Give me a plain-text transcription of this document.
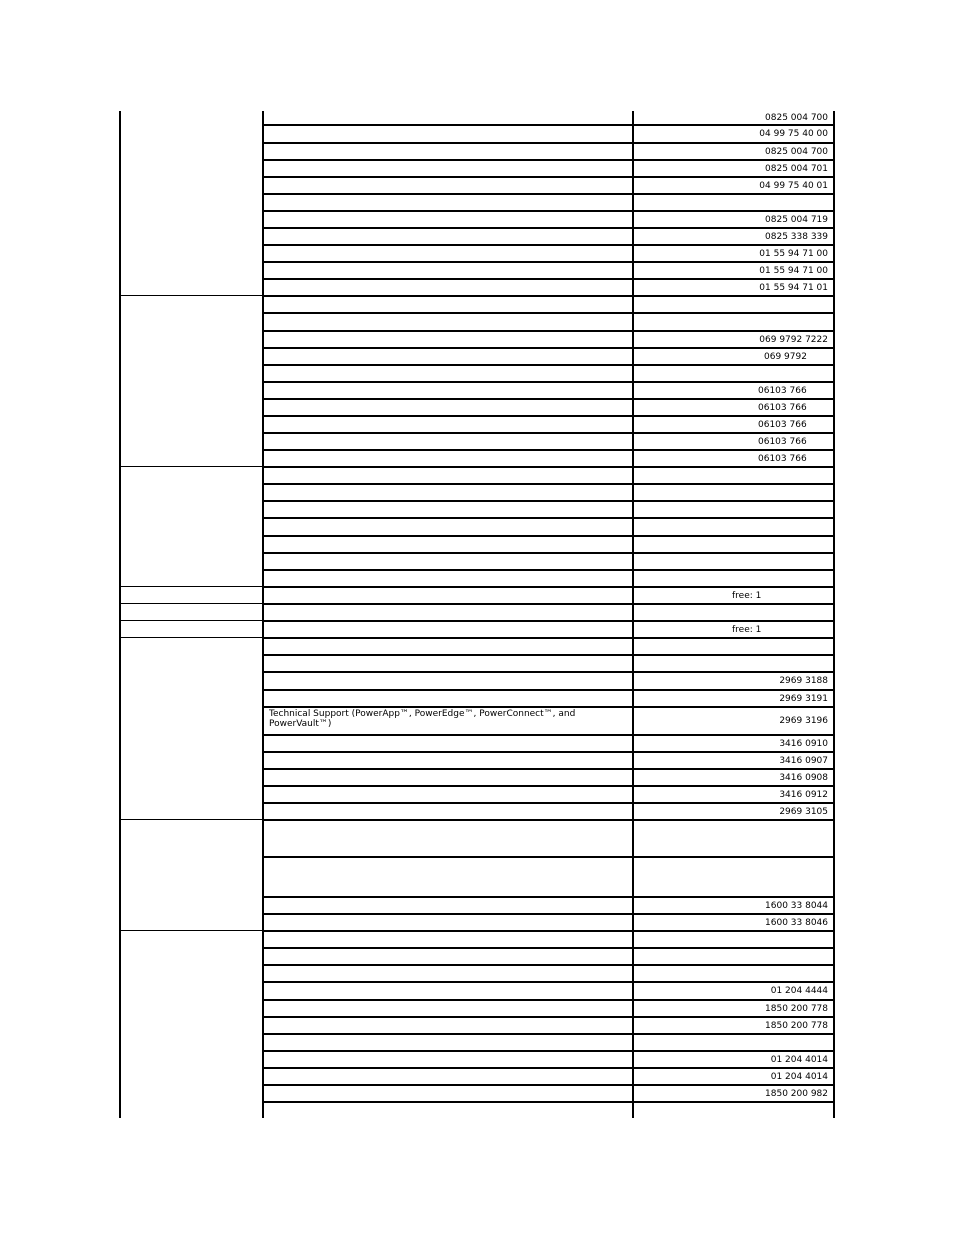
0825 004 700
04 99 75 40 00
0825 004 700
0825 004 701
04 99 75 40 01
0825 004 719
0825 338 339
01 55 94 71 00
01 55 94 71 00
01 55 94 71 01
069 9792 7222
069 9792
06103 766
06103 766
06103 766
06103 766
06103 766
free: 1
free: 1
2969 3188
2969 3191
Technical Support (PowerApp™, PowerEdge™, PowerConnect™, and PowerVault™)	2969 3196
3416 0910
3416 0907
3416 0908
3416 0912
2969 3105
1600 33 8044
1600 33 8046
01 204 4444
1850 200 778
1850 200 778
01 204 4014
01 204 4014
1850 200 982
